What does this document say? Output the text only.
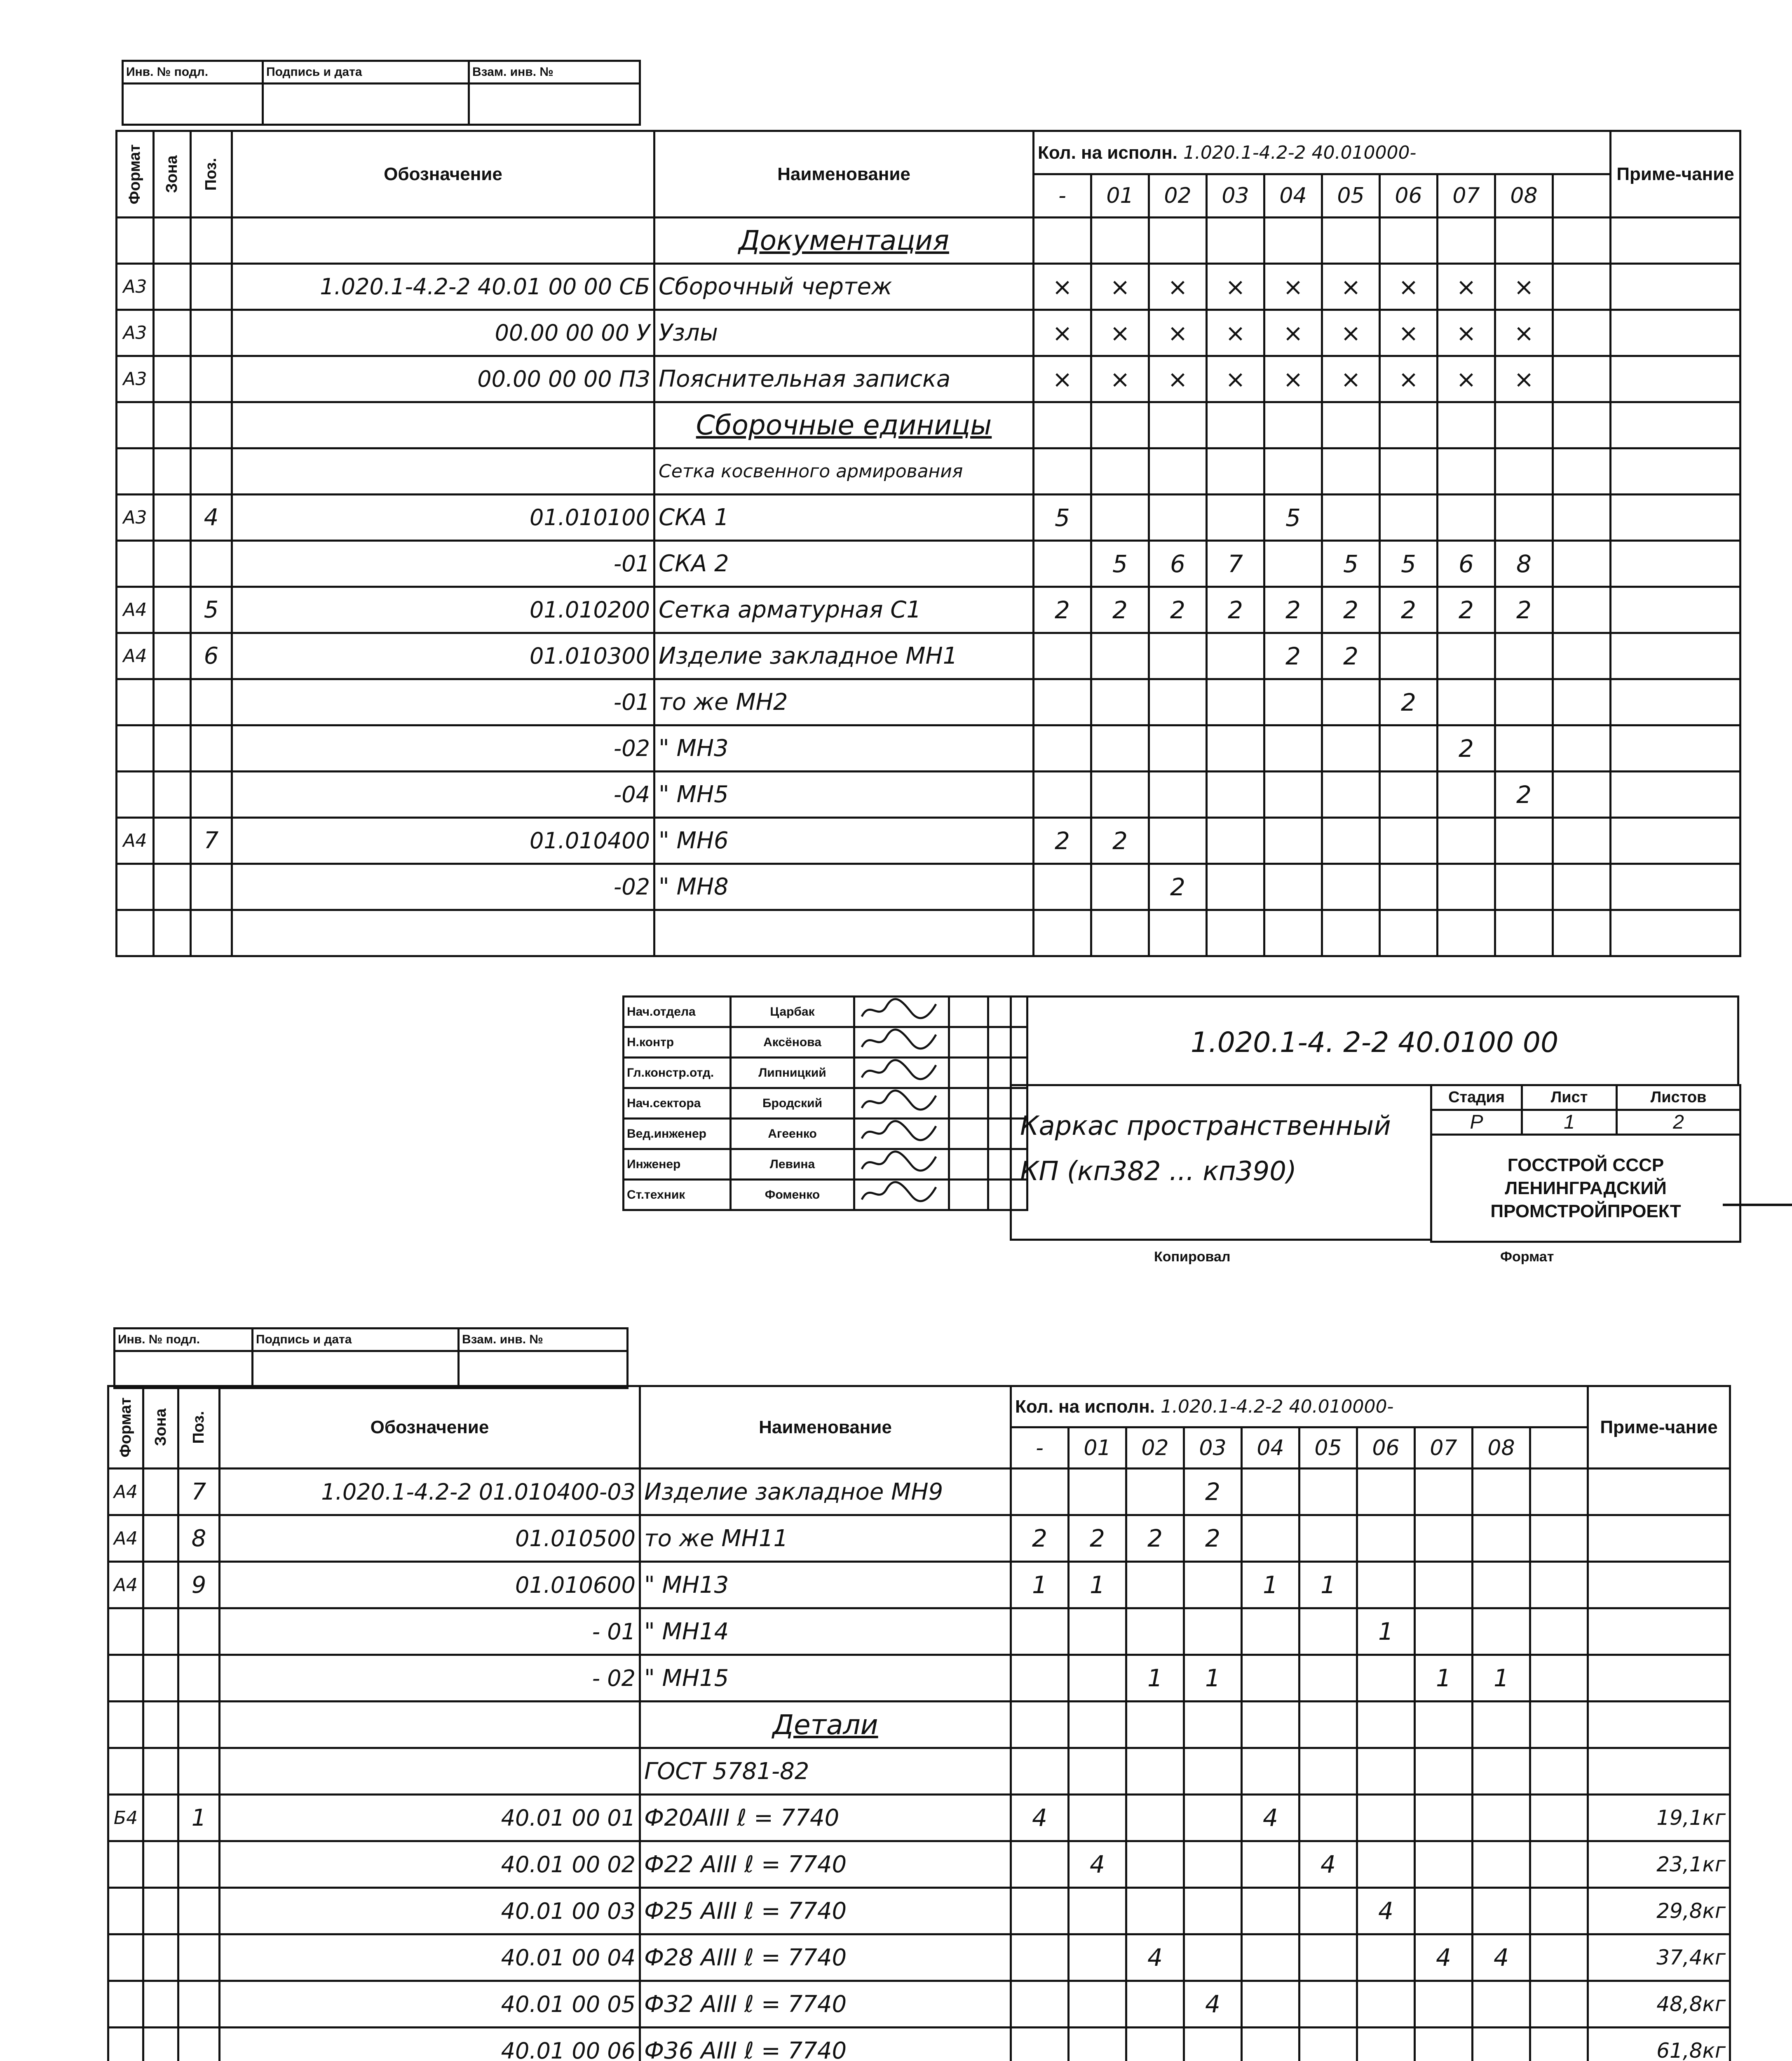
Инв. № подл.	Подпись и дата	Взам. инв. №

Формат	Зона	Поз.	Обозначение	Наименование	Кол. на исполн. 1.020.1-4.2-2 40.010000-										Приме-чание
					-	01	02	03	04	05	06	07	08		
				Документация											
A3			1.020.1-4.2-2 40.01 00 00 СБ	Сборочный чертеж	×	×	×	×	×	×	×	×	×		
A3			00.00 00 00 У	Узлы	×	×	×	×	×	×	×	×	×		
A3			00.00 00 00 ПЗ	Пояснительная записка	×	×	×	×	×	×	×	×	×		
				Сборочные единицы											
				Сетка косвенного армирования											
A3		4	01.010100	СКА 1	5				5						
			-01	СКА 2		5	6	7		5	5	6	8		
A4		5	01.010200	Сетка арматурная С1	2	2	2	2	2	2	2	2	2		
A4		6	01.010300	Изделие закладное МН1					2	2					
			-01	то же МН2							2				
			-02	" МН3								2			
			-04	" МН5									2		
A4		7	01.010400	" МН6	2	2									
			-02	" МН8			2								

Нач.отдела	Царбак			
Н.контр	Аксёнова			
Гл.констр.отд.	Липницкий			
Нач.сектора	Бродский			
Вед.инженер	Агеенко			
Инженер	Левина			
Ст.техник	Фоменко			
1.020.1-4. 2-2 40.0100 00
Каркас пространственный
КП (кп382 ... кп390)
Стадия	Лист	Листов
Р	1	2

ГОССТРОЙ СССР
ЛЕНИНГРАДСКИЙ
ПРОМСТРОЙПРОЕКТ		
Копировал	Формат
Инв. № подл.	Подпись и дата	Взам. инв. №

Формат	Зона	Поз.	Обозначение	Наименование	Кол. на исполн. 1.020.1-4.2-2 40.010000-										Приме-чание
					-	01	02	03	04	05	06	07	08		
A4		7	1.020.1-4.2-2 01.010400-03	Изделие закладное МН9				2							
A4		8	01.010500	то же МН11	2	2	2	2							
A4		9	01.010600	" МН13	1	1			1	1					
			- 01	" МН14							1				
			- 02	" МН15			1	1				1	1		
				Детали											
				ГОСТ 5781-82											
Б4		1	40.01 00 01	Ф20АIII ℓ = 7740	4				4						19,1кг
			40.01 00 02	Ф22 АIII ℓ = 7740		4				4					23,1кг
			40.01 00 03	Ф25 АIII ℓ = 7740							4				29,8кг
			40.01 00 04	Ф28 АIII ℓ = 7740			4					4	4		37,4кг
			40.01 00 05	Ф32 АIII ℓ = 7740				4							48,8кг
			40.01 00 06	Ф36 АIII ℓ = 7740											61,8кг
